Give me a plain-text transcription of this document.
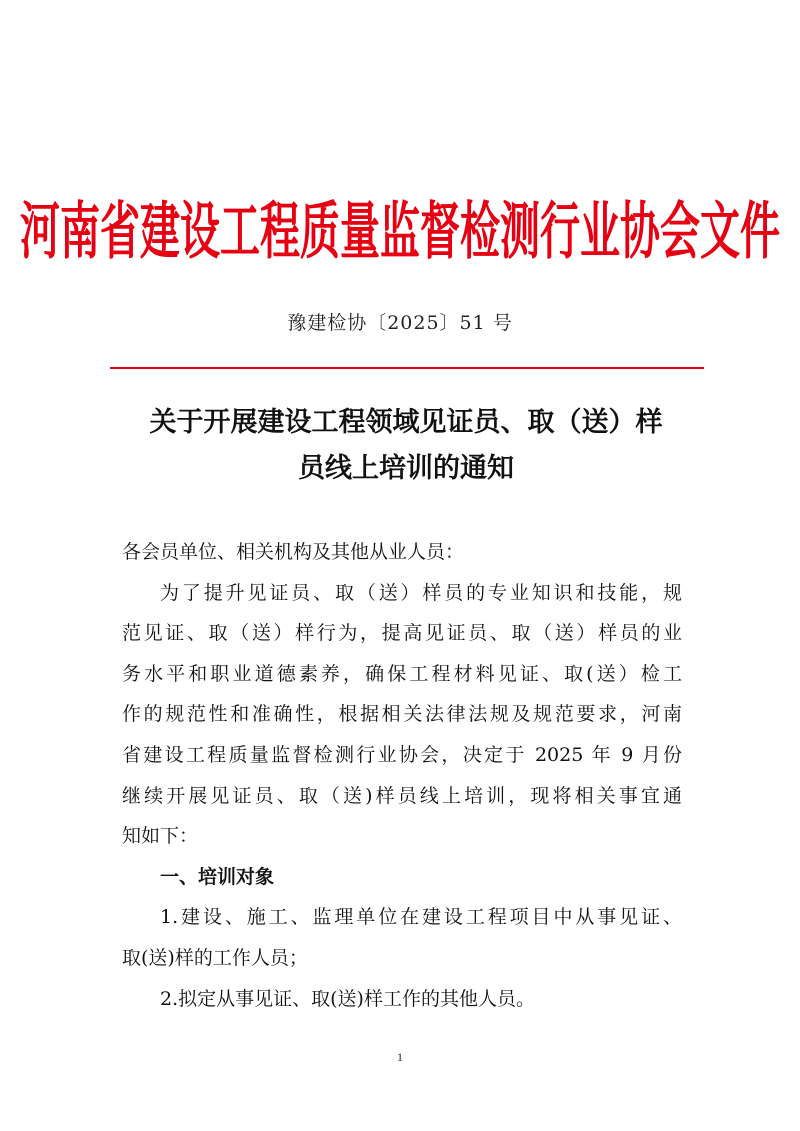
河南省建设工程质量监督检测行业协会文件
豫建检协〔2025〕51 号
关于开展建设工程领域见证员、取（送）样
员线上培训的通知
各会员单位、相关机构及其他从业人员：
为了提升见证员、取（送）样员的专业知识和技能，规
范见证、取（送）样行为，提高见证员、取（送）样员的业
务水平和职业道德素养，确保工程材料见证、取(送）检工
作的规范性和准确性，根据相关法律法规及规范要求，河南
省建设工程质量监督检测行业协会，决定于 2025 年 9 月份
继续开展见证员、取（送)样员线上培训，现将相关事宜通
知如下：
一、培训对象
1.建设、施工、监理单位在建设工程项目中从事见证、
取(送)样的工作人员；
2.拟定从事见证、取(送)样工作的其他人员。
1
